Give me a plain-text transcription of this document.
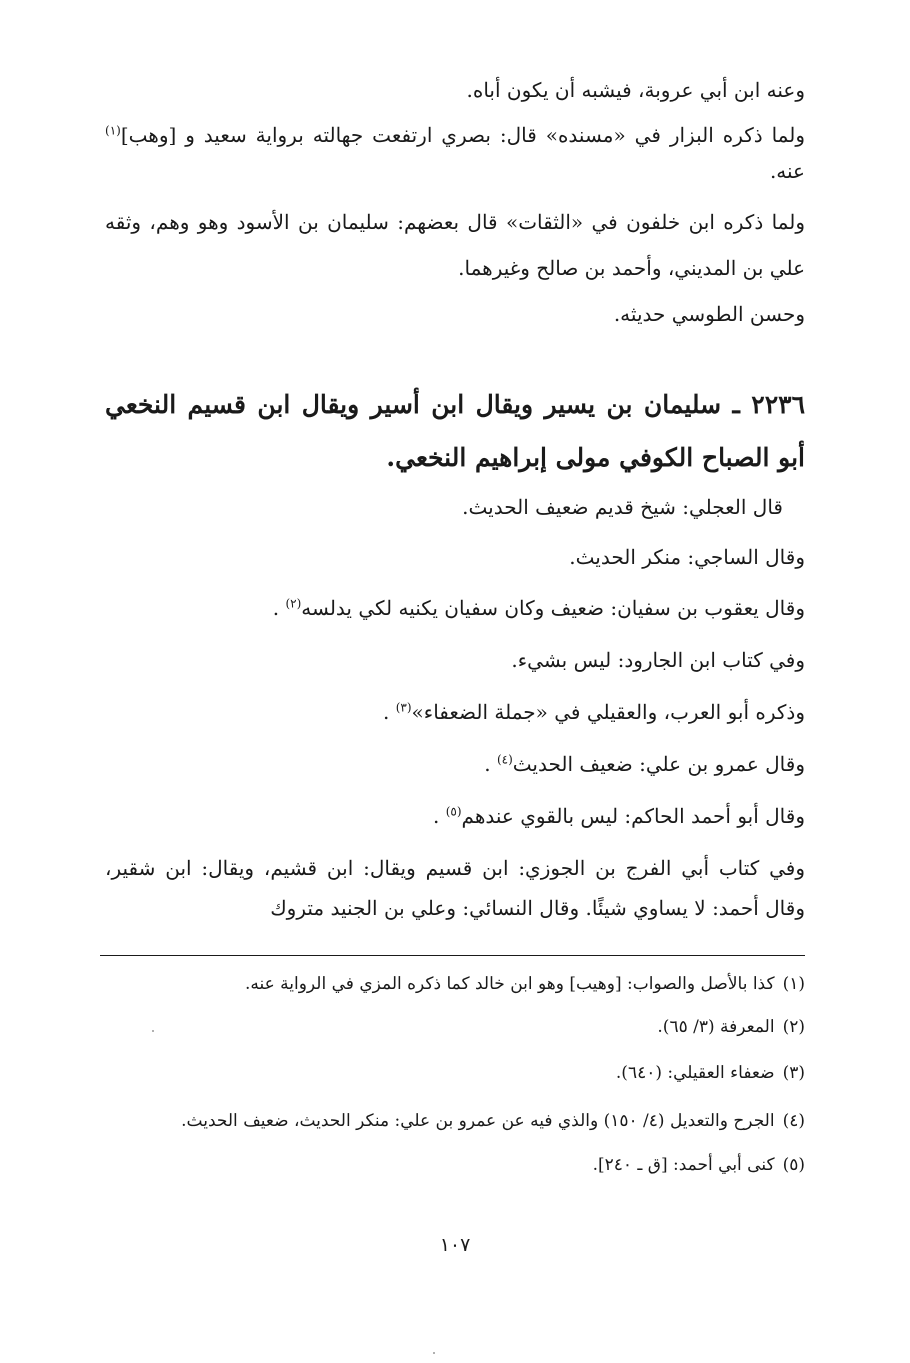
وعنه ابن أبي عروبة، فيشبه أن يكون أباه.

ولما ذكره البزار في «مسنده» قال: بصري ارتفعت جهالته برواية سعيد و [وهب]$^{(١)}$ عنه.

ولما ذكره ابن خلفون في «الثقات» قال بعضهم: سليمان بن الأسود وهو وهم، وثقه علي بن المديني، وأحمد بن صالح وغيرهما.

وحسن الطوسي حديثه.

٢٢٣٦ ـ سليمان بن يسير ويقال ابن أسير ويقال ابن قسيم النخعي أبو الصباح الكوفي مولى إبراهيم النخعي.

قال العجلي: شيخ قديم ضعيف الحديث.

وقال الساجي: منكر الحديث.

وقال يعقوب بن سفيان: ضعيف وكان سفيان يكنيه لكي يدلسه$^{(٢)}$ .

وفي كتاب ابن الجارود: ليس بشيء.

وذكره أبو العرب، والعقيلي في «جملة الضعفاء»$^{(٣)}$ .

وقال عمرو بن علي: ضعيف الحديث$^{(٤)}$ .

وقال أبو أحمد الحاكم: ليس بالقوي عندهم$^{(٥)}$ .

وفي كتاب أبي الفرج بن الجوزي: ابن قسيم ويقال: ابن قشيم، ويقال: ابن شقير، وقال أحمد: لا يساوي شيئًا. وقال النسائي: وعلي بن الجنيد متروك

(١)كذا بالأصل والصواب: [وهيب] وهو ابن خالد كما ذكره المزي في الرواية عنه.

(٢)المعرفة (٣/ ٦٥).

(٣)ضعفاء العقيلي: (٦٤٠).

(٤)الجرح والتعديل (٤/ ١٥٠) والذي فيه عن عمرو بن علي: منكر الحديث، ضعيف الحديث.

(٥)كنى أبي أحمد: [ق ـ ٢٤٠].

١٠٧
